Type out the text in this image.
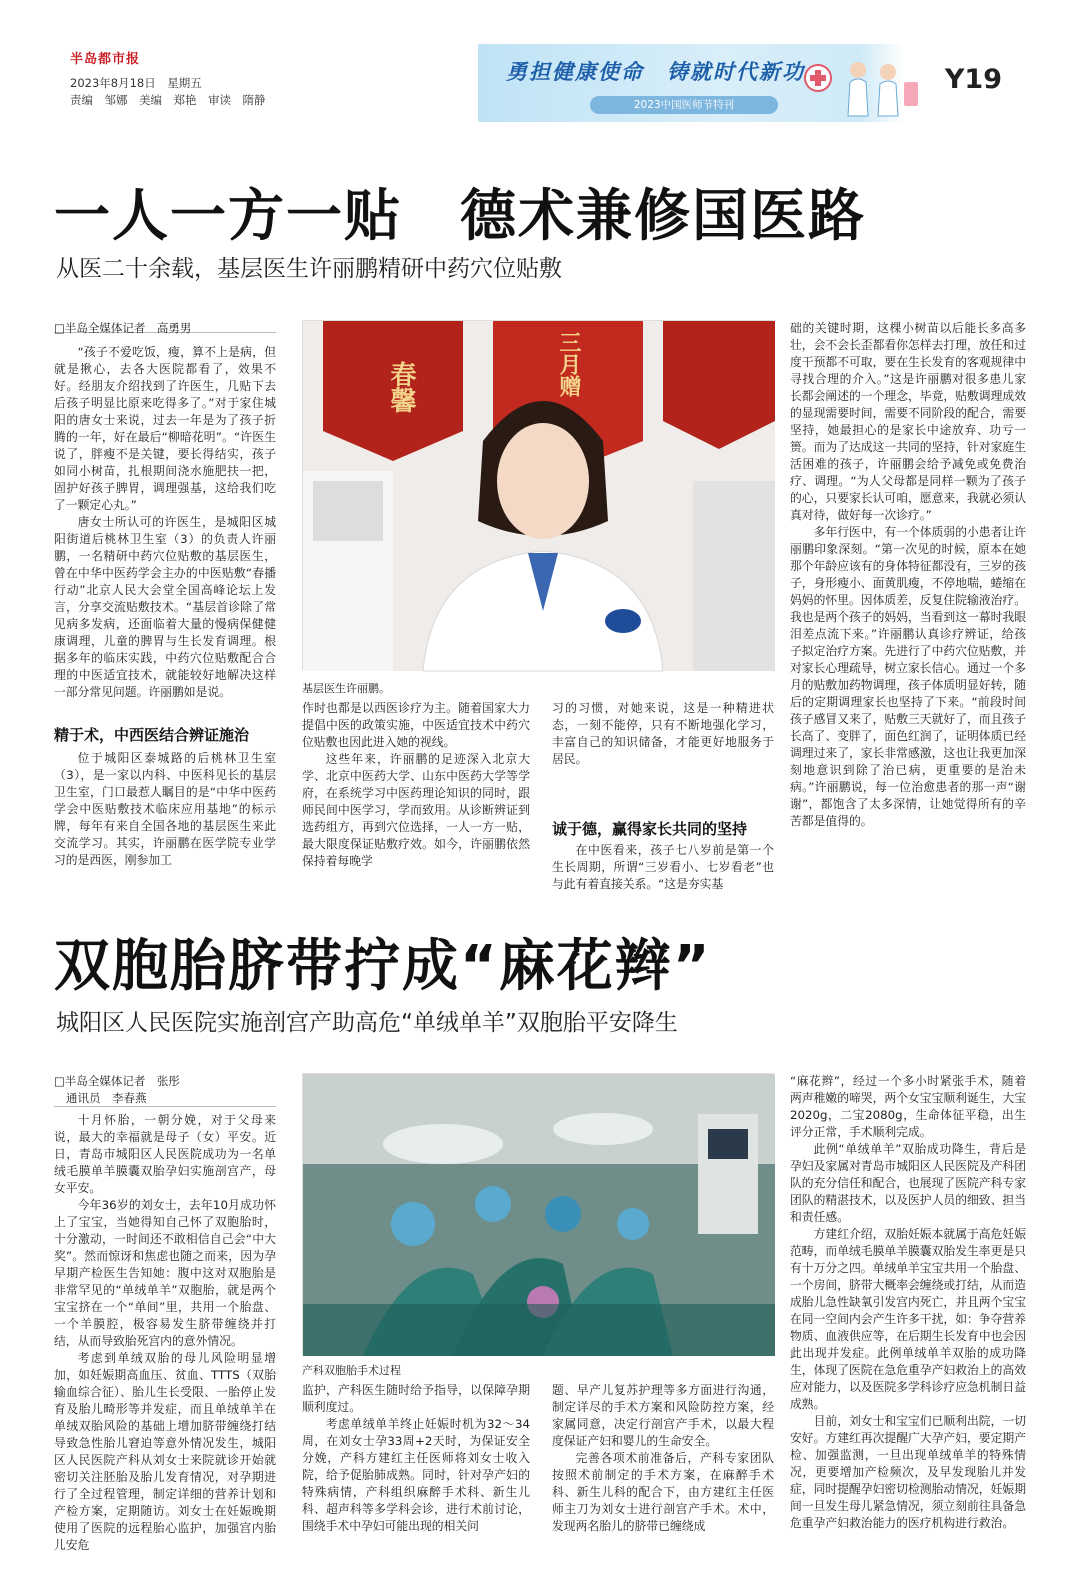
半岛都市报
2023年8月18日　星期五
责编　邹娜　美编　郑艳　审读　隋静
勇担健康使命　铸就时代新功
2023中国医师节特刊
Y19
一人一方一贴　德术兼修国医路
从医二十余载，基层医生许丽鹏精研中药穴位贴敷
□半岛全媒体记者　高勇男

“孩子不爱吃饭，瘦，算不上是病，但就是揪心，去各大医院都看了，效果不好。经朋友介绍找到了许医生，几贴下去后孩子明显比原来吃得多了。”对于家住城阳的唐女士来说，过去一年是为了孩子折腾的一年，好在最后“柳暗花明”。“许医生说了，胖瘦不是关键，要长得结实，孩子如同小树苗，扎根期间浇水施肥扶一把，固护好孩子脾胃，调理强基，这给我们吃了一颗定心丸。”

唐女士所认可的许医生，是城阳区城阳街道后桃林卫生室（3）的负责人许丽鹏，一名精研中药穴位贴敷的基层医生，曾在中华中医药学会主办的中医贴敷“春播行动”北京人民大会堂全国高峰论坛上发言，分享交流贴敷技术。“基层首诊除了常见病多发病，还面临着大量的慢病保健健康调理，儿童的脾胃与生长发育调理。根据多年的临床实践，中药穴位贴敷配合合理的中医适宜技术，就能较好地解决这样一部分常见问题。许丽鹏如是说。

精于术，中西医结合辨证施治

位于城阳区泰城路的后桃林卫生室（3），是一家以内科、中医科见长的基层卫生室，门口最惹人瞩目的是“中华中医药学会中医贴敷技术临床应用基地”的标示牌，每年有来自全国各地的基层医生来此交流学习。其实，许丽鹏在医学院专业学习的是西医，刚参加工

春馨	三月赠
基层医生许丽鹏。

作时也都是以西医诊疗为主。随着国家大力提倡中医的政策实施，中医适宜技术中药穴位贴敷也因此进入她的视线。

这些年来，许丽鹏的足迹深入北京大学、北京中医药大学、山东中医药大学等学府，在系统学习中医药理论知识的同时，跟师民间中医学习，学而致用。从诊断辨证到选药组方，再到穴位选择，一人一方一贴，最大限度保证贴敷疗效。如今，许丽鹏依然保持着每晚学

习的习惯，对她来说，这是一种精进状态，一刻不能停，只有不断地强化学习，丰富自己的知识储备，才能更好地服务于居民。

诚于德，赢得家长共同的坚持

在中医看来，孩子七八岁前是第一个生长周期，所谓“三岁看小、七岁看老”也与此有着直接关系。“这是夯实基

础的关键时期，这棵小树苗以后能长多高多壮，会不会长歪都看你怎样去打理，放任和过度干预都不可取，要在生长发育的客观规律中寻找合理的介入。”这是许丽鹏对很多患儿家长都会阐述的一个理念，毕竟，贴敷调理成效的显现需要时间，需要不同阶段的配合，需要坚持，她最担心的是家长中途放弃、功亏一篑。而为了达成这一共同的坚持，针对家庭生活困难的孩子，许丽鹏会给予减免或免费治疗、调理。“为人父母都是同样一颗为了孩子的心，只要家长认可咱，愿意来，我就必须认真对待，做好每一次诊疗。”

多年行医中，有一个体质弱的小患者让许丽鹏印象深刻。“第一次见的时候，原本在她那个年龄应该有的身体特征都没有，三岁的孩子，身形瘦小、面黄肌瘦，不停地喘，蜷缩在妈妈的怀里。因体质差，反复住院输液治疗。我也是两个孩子的妈妈，当看到这一幕时我眼泪差点流下来。”许丽鹏认真诊疗辨证，给孩子拟定治疗方案。先进行了中药穴位贴敷，并对家长心理疏导，树立家长信心。通过一个多月的贴敷加药物调理，孩子体质明显好转，随后的定期调理家长也坚持了下来。“前段时间孩子感冒又来了，贴敷三天就好了，而且孩子长高了、变胖了，面色红润了，证明体质已经调理过来了，家长非常感激，这也让我更加深刻地意识到除了治已病，更重要的是治未病。”许丽鹏说，每一位治愈患者的那一声“谢谢”，都饱含了太多深情，让她觉得所有的辛苦都是值得的。

双胞胎脐带拧成“麻花辫”
城阳区人民医院实施剖宫产助高危“单绒单羊”双胞胎平安降生
□半岛全媒体记者　张彤
通讯员　李春燕

十月怀胎，一朝分娩，对于父母来说，最大的幸福就是母子（女）平安。近日，青岛市城阳区人民医院成功为一名单绒毛膜单羊膜囊双胎孕妇实施剖宫产，母女平安。

今年36岁的刘女士，去年10月成功怀上了宝宝，当她得知自己怀了双胞胎时，十分激动，一时间还不敢相信自己会“中大奖”。然而惊讶和焦虑也随之而来，因为孕早期产检医生告知她：腹中这对双胞胎是非常罕见的“单绒单羊”双胞胎，就是两个宝宝挤在一个“单间”里，共用一个胎盘、一个羊膜腔，极容易发生脐带缠绕并打结，从而导致胎死宫内的意外情况。

考虑到单绒双胎的母儿风险明显增加，如妊娠期高血压、贫血、TTTS（双胎输血综合征）、胎儿生长受限、一胎停止发育及胎儿畸形等并发症，而且单绒单羊在单绒双胎风险的基础上增加脐带缠绕打结导致急性胎儿窘迫等意外情况发生，城阳区人民医院产科从刘女士来院就诊开始就密切关注胚胎及胎儿发育情况，对孕期进行了全过程管理，制定详细的营养计划和产检方案，定期随访。刘女士在妊娠晚期使用了医院的远程胎心监护，加强宫内胎儿安危

产科双胞胎手术过程

监护，产科医生随时给予指导，以保障孕期顺利度过。

考虑单绒单羊终止妊娠时机为32～34周，在刘女士孕33周+2天时，为保证安全分娩，产科方建红主任医师将刘女士收入院，给予促胎肺成熟。同时，针对孕产妇的特殊病情，产科组织麻醉手术科、新生儿科、超声科等多学科会诊，进行术前讨论，围绕手术中孕妇可能出现的相关问

题、早产儿复苏护理等多方面进行沟通，制定详尽的手术方案和风险防控方案，经家属同意，决定行剖宫产手术，以最大程度保证产妇和婴儿的生命安全。

完善各项术前准备后，产科专家团队按照术前制定的手术方案，在麻醉手术科、新生儿科的配合下，由方建红主任医师主刀为刘女士进行剖宫产手术。术中，发现两名胎儿的脐带已缠绕成

“麻花辫”，经过一个多小时紧张手术，随着两声稚嫩的啼哭，两个女宝宝顺利诞生，大宝2020g，二宝2080g，生命体征平稳，出生评分正常，手术顺利完成。

此例“单绒单羊”双胎成功降生，背后是孕妇及家属对青岛市城阳区人民医院及产科团队的充分信任和配合，也展现了医院产科专家团队的精湛技术，以及医护人员的细致、担当和责任感。

方建红介绍，双胎妊娠本就属于高危妊娠范畴，而单绒毛膜单羊膜囊双胎发生率更是只有十万分之四。单绒单羊宝宝共用一个胎盘、一个房间，脐带大概率会缠绕或打结，从而造成胎儿急性缺氧引发宫内死亡，并且两个宝宝在同一空间内会产生许多干扰，如：争夺营养物质、血液供应等，在后期生长发育中也会因此出现并发症。此例单绒单羊双胎的成功降生，体现了医院在急危重孕产妇救治上的高效应对能力，以及医院多学科诊疗应急机制日益成熟。

目前，刘女士和宝宝们已顺利出院，一切安好。方建红再次提醒广大孕产妇，要定期产检、加强监测，一旦出现单绒单羊的特殊情况，更要增加产检频次，及早发现胎儿并发症，同时提醒孕妇密切检测胎动情况，妊娠期间一旦发生母儿紧急情况，须立刻前往具备急危重孕产妇救治能力的医疗机构进行救治。
